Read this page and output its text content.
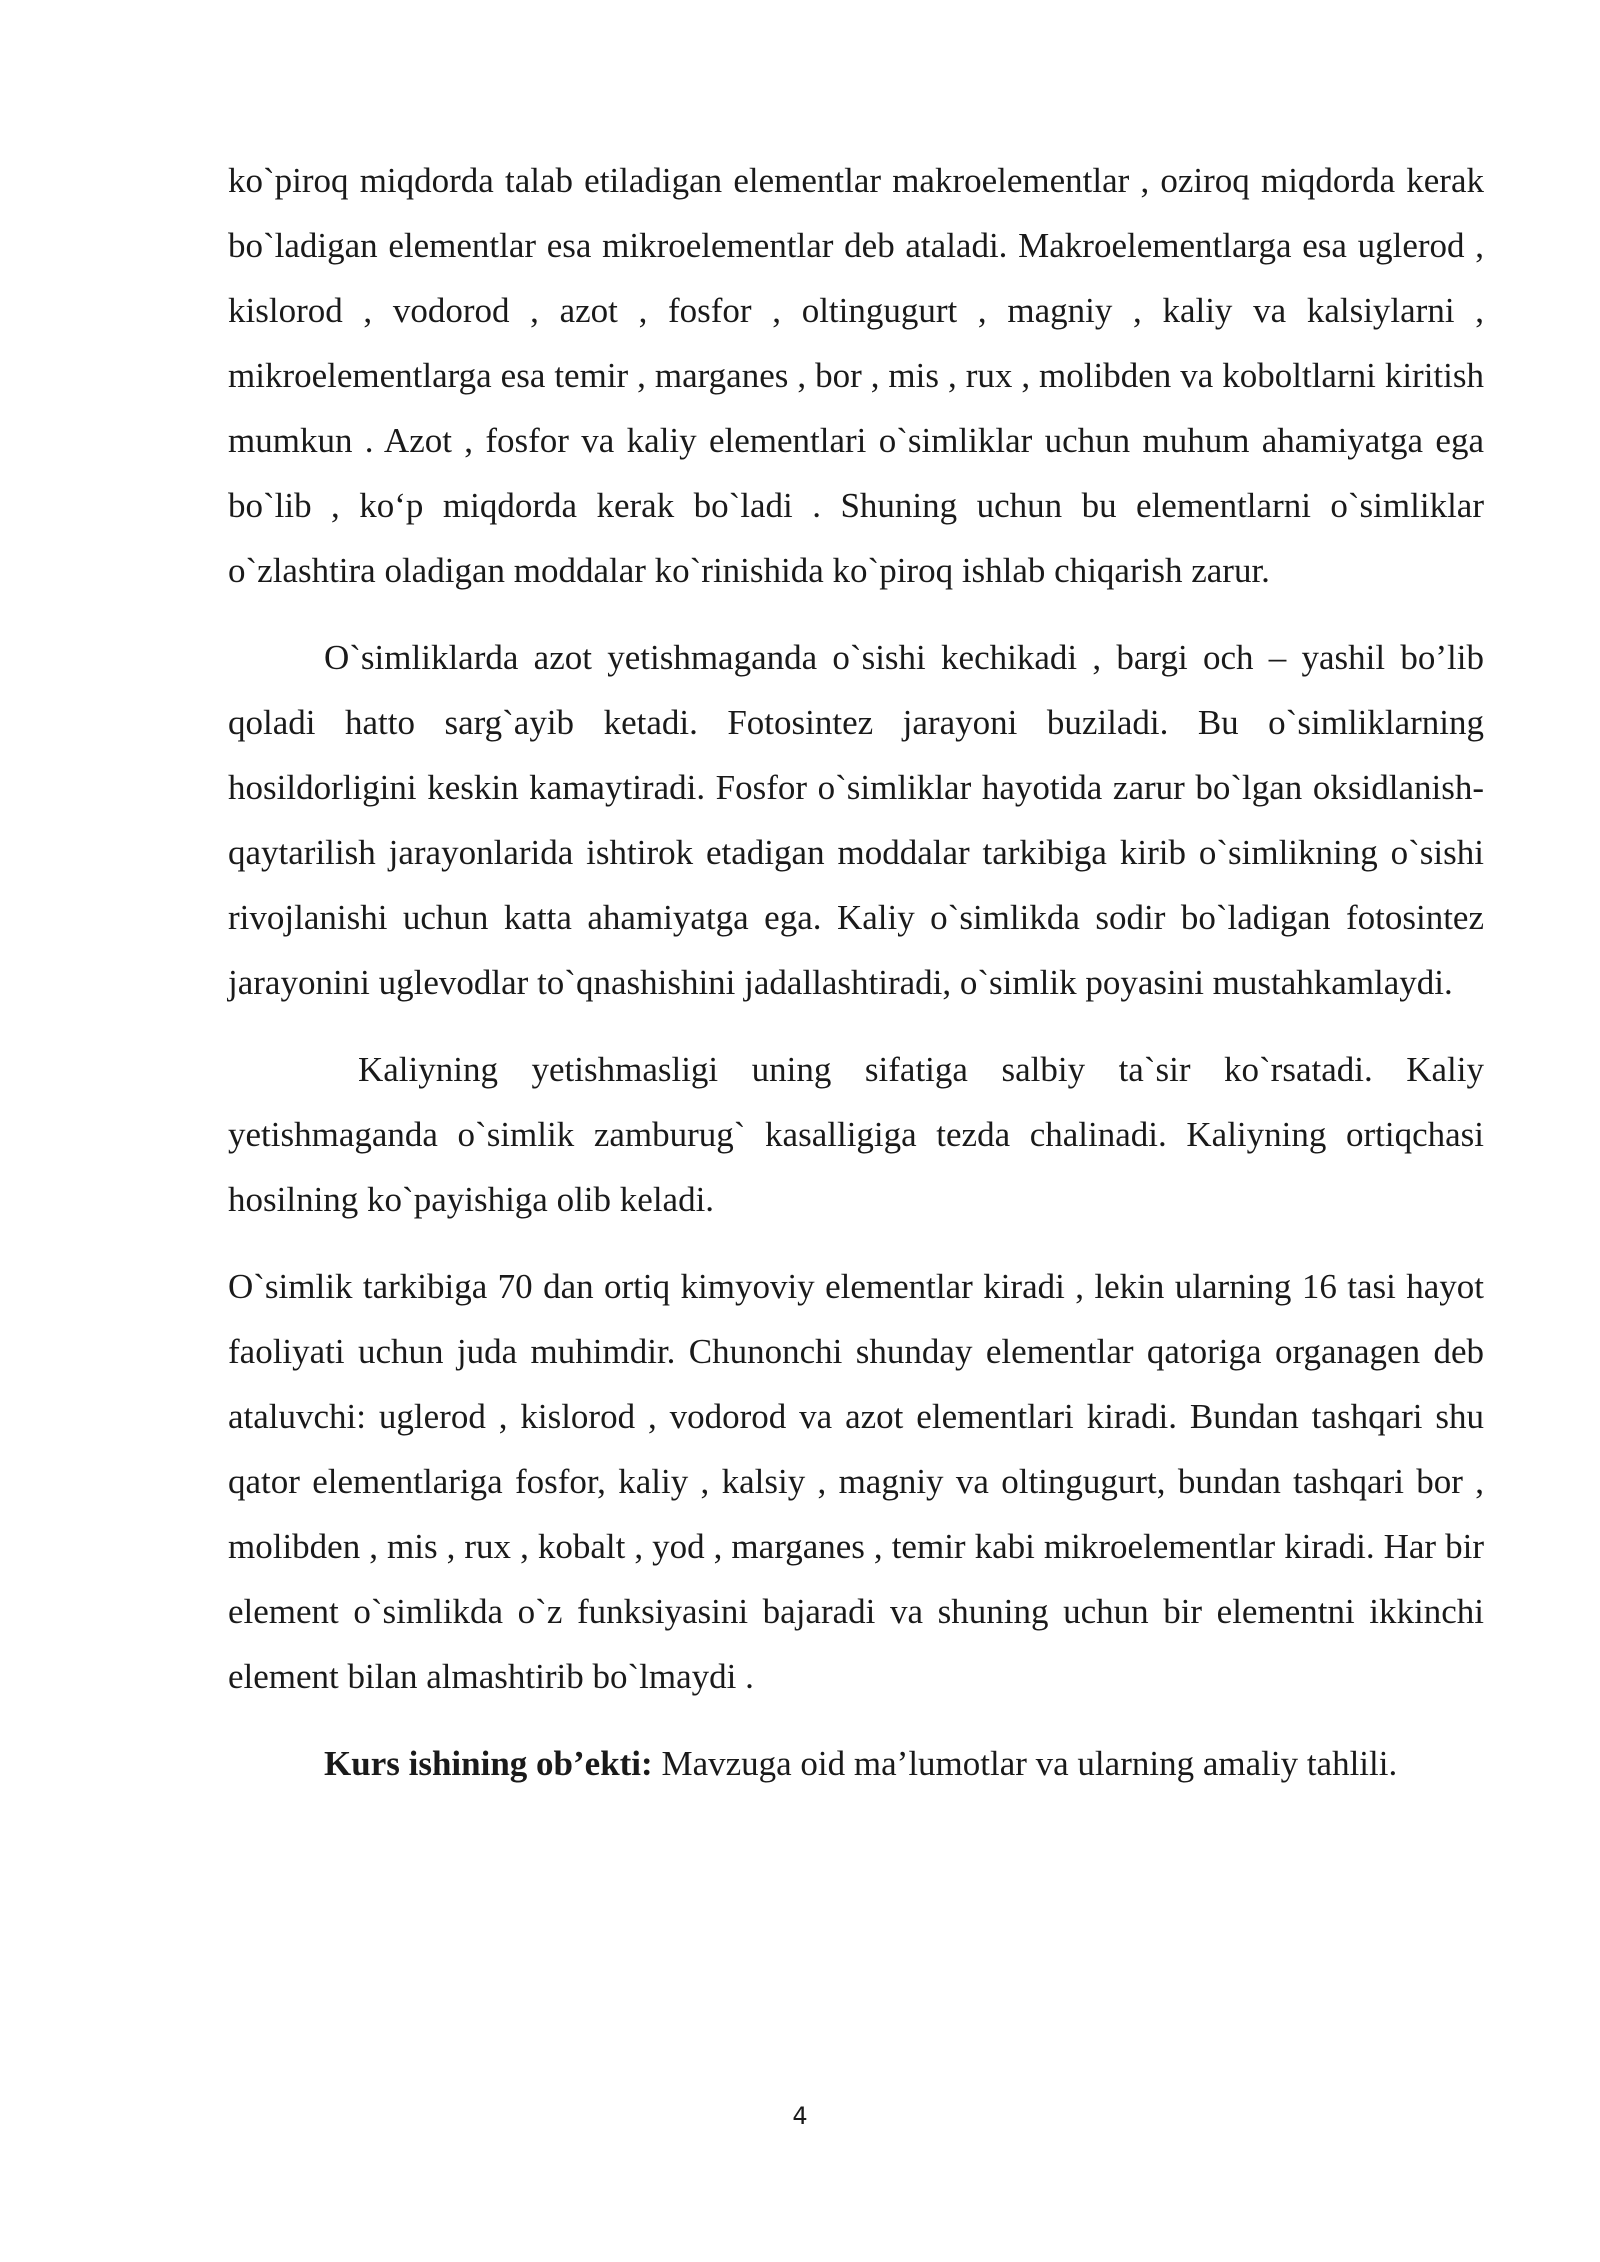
ko`piroq miqdorda talab etiladigan elementlar makroelementlar , oziroq miqdorda kerak bo`ladigan elementlar esa mikroelementlar deb ataladi. Makroelementlarga esa uglerod , kislorod , vodorod , azot , fosfor , oltingugurt , magniy , kaliy va kalsiylarni , mikroelementlarga esa temir , marganes , bor , mis , rux , molibden va koboltlarni kiritish mumkun . Azot , fosfor va kaliy elementlari o`simliklar uchun muhum ahamiyatga ega bo`lib , ko‘p miqdorda kerak bo`ladi . Shuning uchun bu elementlarni o`simliklar o`zlashtira oladigan moddalar ko`rinishida ko`piroq ishlab chiqarish zarur.

O`simliklarda azot yetishmaganda o`sishi kechikadi , bargi och – yashil bo’lib qoladi hatto sarg`ayib ketadi. Fotosintez jarayoni buziladi. Bu o`simliklarning hosildorligini keskin kamaytiradi. Fosfor o`simliklar hayotida zarur bo`lgan oksidlanish-qaytarilish jarayonlarida ishtirok etadigan moddalar tarkibiga kirib o`simlikning o`sishi rivojlanishi uchun katta ahamiyatga ega. Kaliy o`simlikda sodir bo`ladigan fotosintez jarayonini uglevodlar to`qnashishini jadallashtiradi, o`simlik poyasini mustahkamlaydi.

Kaliyning yetishmasligi uning sifatiga salbiy ta`sir ko`rsatadi. Kaliy yetishmaganda o`simlik zamburug` kasalligiga tezda chalinadi. Kaliyning ortiqchasi hosilning ko`payishiga olib keladi.

O`simlik tarkibiga 70 dan ortiq kimyoviy elementlar kiradi , lekin ularning 16 tasi hayot faoliyati uchun juda muhimdir. Chunonchi shunday elementlar qatoriga organagen deb ataluvchi: uglerod , kislorod , vodorod va azot elementlari kiradi. Bundan tashqari shu qator elementlariga fosfor, kaliy , kalsiy , magniy va oltingugurt, bundan tashqari bor , molibden , mis , rux , kobalt , yod , marganes , temir kabi mikroelementlar kiradi. Har bir element o`simlikda o`z funksiyasini bajaradi va shuning uchun bir elementni ikkinchi element bilan almashtirib bo`lmaydi .

Kurs ishining ob’ekti: Mavzuga oid ma’lumotlar va ularning amaliy tahlili.

4
